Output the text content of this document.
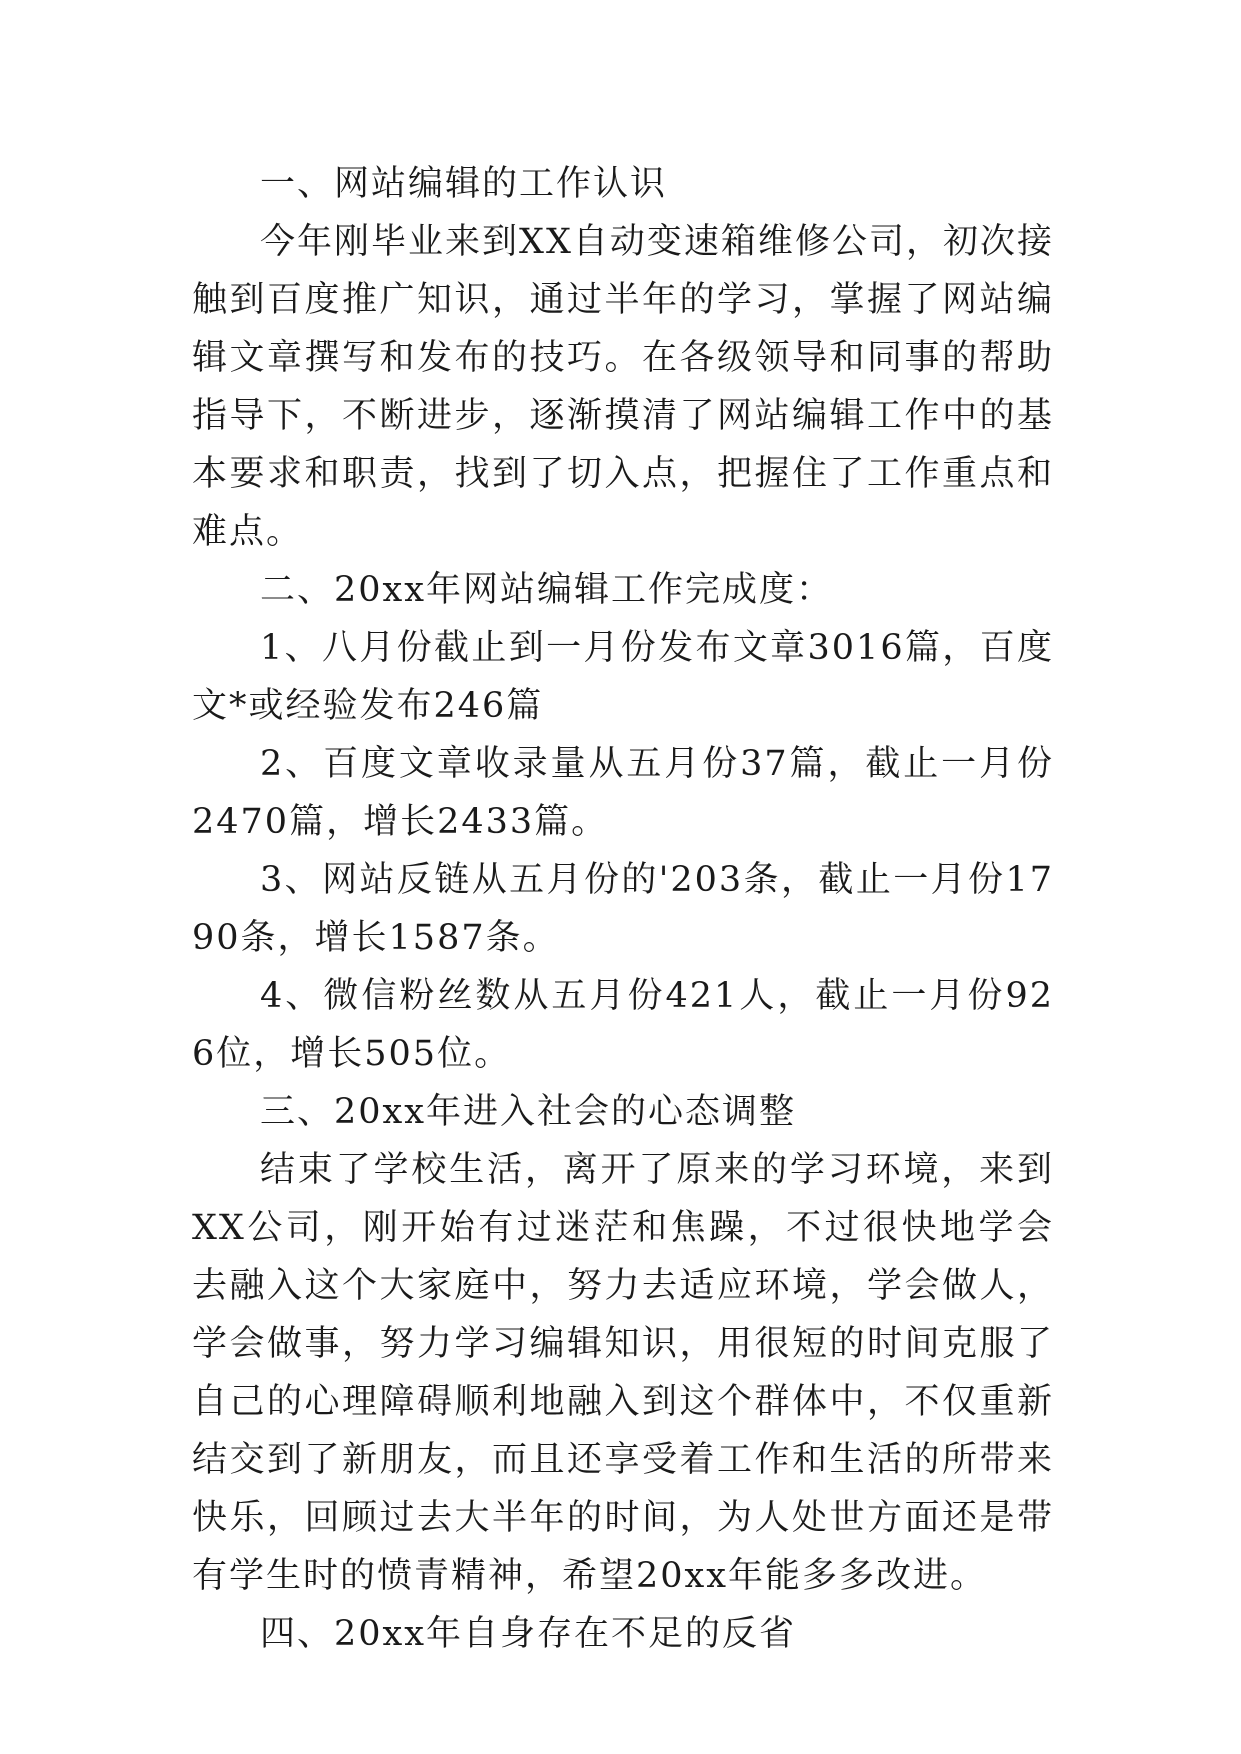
一、网站编辑的工作认识

今年刚毕业来到XX自动变速箱维修公司，初次接触到百度推广知识，通过半年的学习，掌握了网站编辑文章撰写和发布的技巧。在各级领导和同事的帮助指导下，不断进步，逐渐摸清了网站编辑工作中的基本要求和职责，找到了切入点，把握住了工作重点和难点。

二、20xx年网站编辑工作完成度：

1、八月份截止到一月份发布文章3016篇，百度文*或经验发布246篇

2、百度文章收录量从五月份37篇，截止一月份2470篇，增长2433篇。

3、网站反链从五月份的'203条，截止一月份1790条，增长1587条。

4、微信粉丝数从五月份421人，截止一月份926位，增长505位。

三、20xx年进入社会的心态调整

结束了学校生活，离开了原来的学习环境，来到XX公司，刚开始有过迷茫和焦躁，不过很快地学会去融入这个大家庭中，努力去适应环境，学会做人，学会做事，努力学习编辑知识，用很短的时间克服了自己的心理障碍顺利地融入到这个群体中，不仅重新结交到了新朋友，而且还享受着工作和生活的所带来快乐，回顾过去大半年的时间，为人处世方面还是带有学生时的愤青精神，希望20xx年能多多改进。

四、20xx年自身存在不足的反省
